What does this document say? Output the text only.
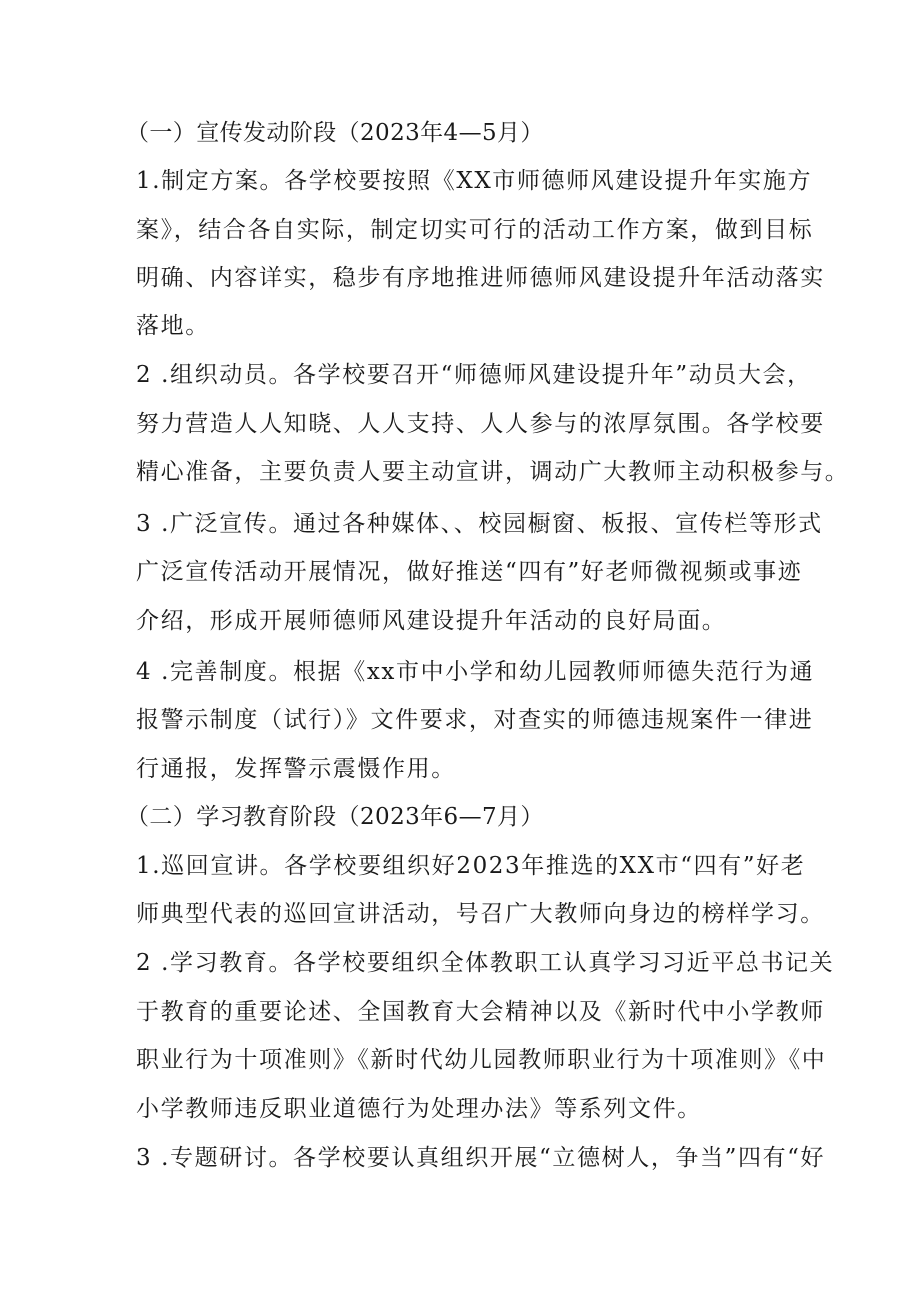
（一）宣传发动阶段（2023年4—5月）
1.制定方案。各学校要按照《XX市师德师风建设提升年实施方
案》，结合各自实际，制定切实可行的活动工作方案，做到目标
明确、内容详实，稳步有序地推进师德师风建设提升年活动落实
落地。
2 .组织动员。各学校要召开“师德师风建设提升年”动员大会，
努力营造人人知晓、人人支持、人人参与的浓厚氛围。各学校要
精心准备，主要负责人要主动宣讲，调动广大教师主动积极参与。
3 .广泛宣传。通过各种媒体、、校园橱窗、板报、宣传栏等形式
广泛宣传活动开展情况，做好推送“四有”好老师微视频或事迹
介绍，形成开展师德师风建设提升年活动的良好局面。
4 .完善制度。根据《xx市中小学和幼儿园教师师德失范行为通
报警示制度（试行）》文件要求，对查实的师德违规案件一律进
行通报，发挥警示震慑作用。
（二）学习教育阶段（2023年6—7月）
1.巡回宣讲。各学校要组织好2023年推选的XX市“四有”好老
师典型代表的巡回宣讲活动，号召广大教师向身边的榜样学习。
2 .学习教育。各学校要组织全体教职工认真学习习近平总书记关
于教育的重要论述、全国教育大会精神以及《新时代中小学教师
职业行为十项准则》《新时代幼儿园教师职业行为十项准则》《中
小学教师违反职业道德行为处理办法》等系列文件。
3 .专题研讨。各学校要认真组织开展“立德树人，争当”四有“好
